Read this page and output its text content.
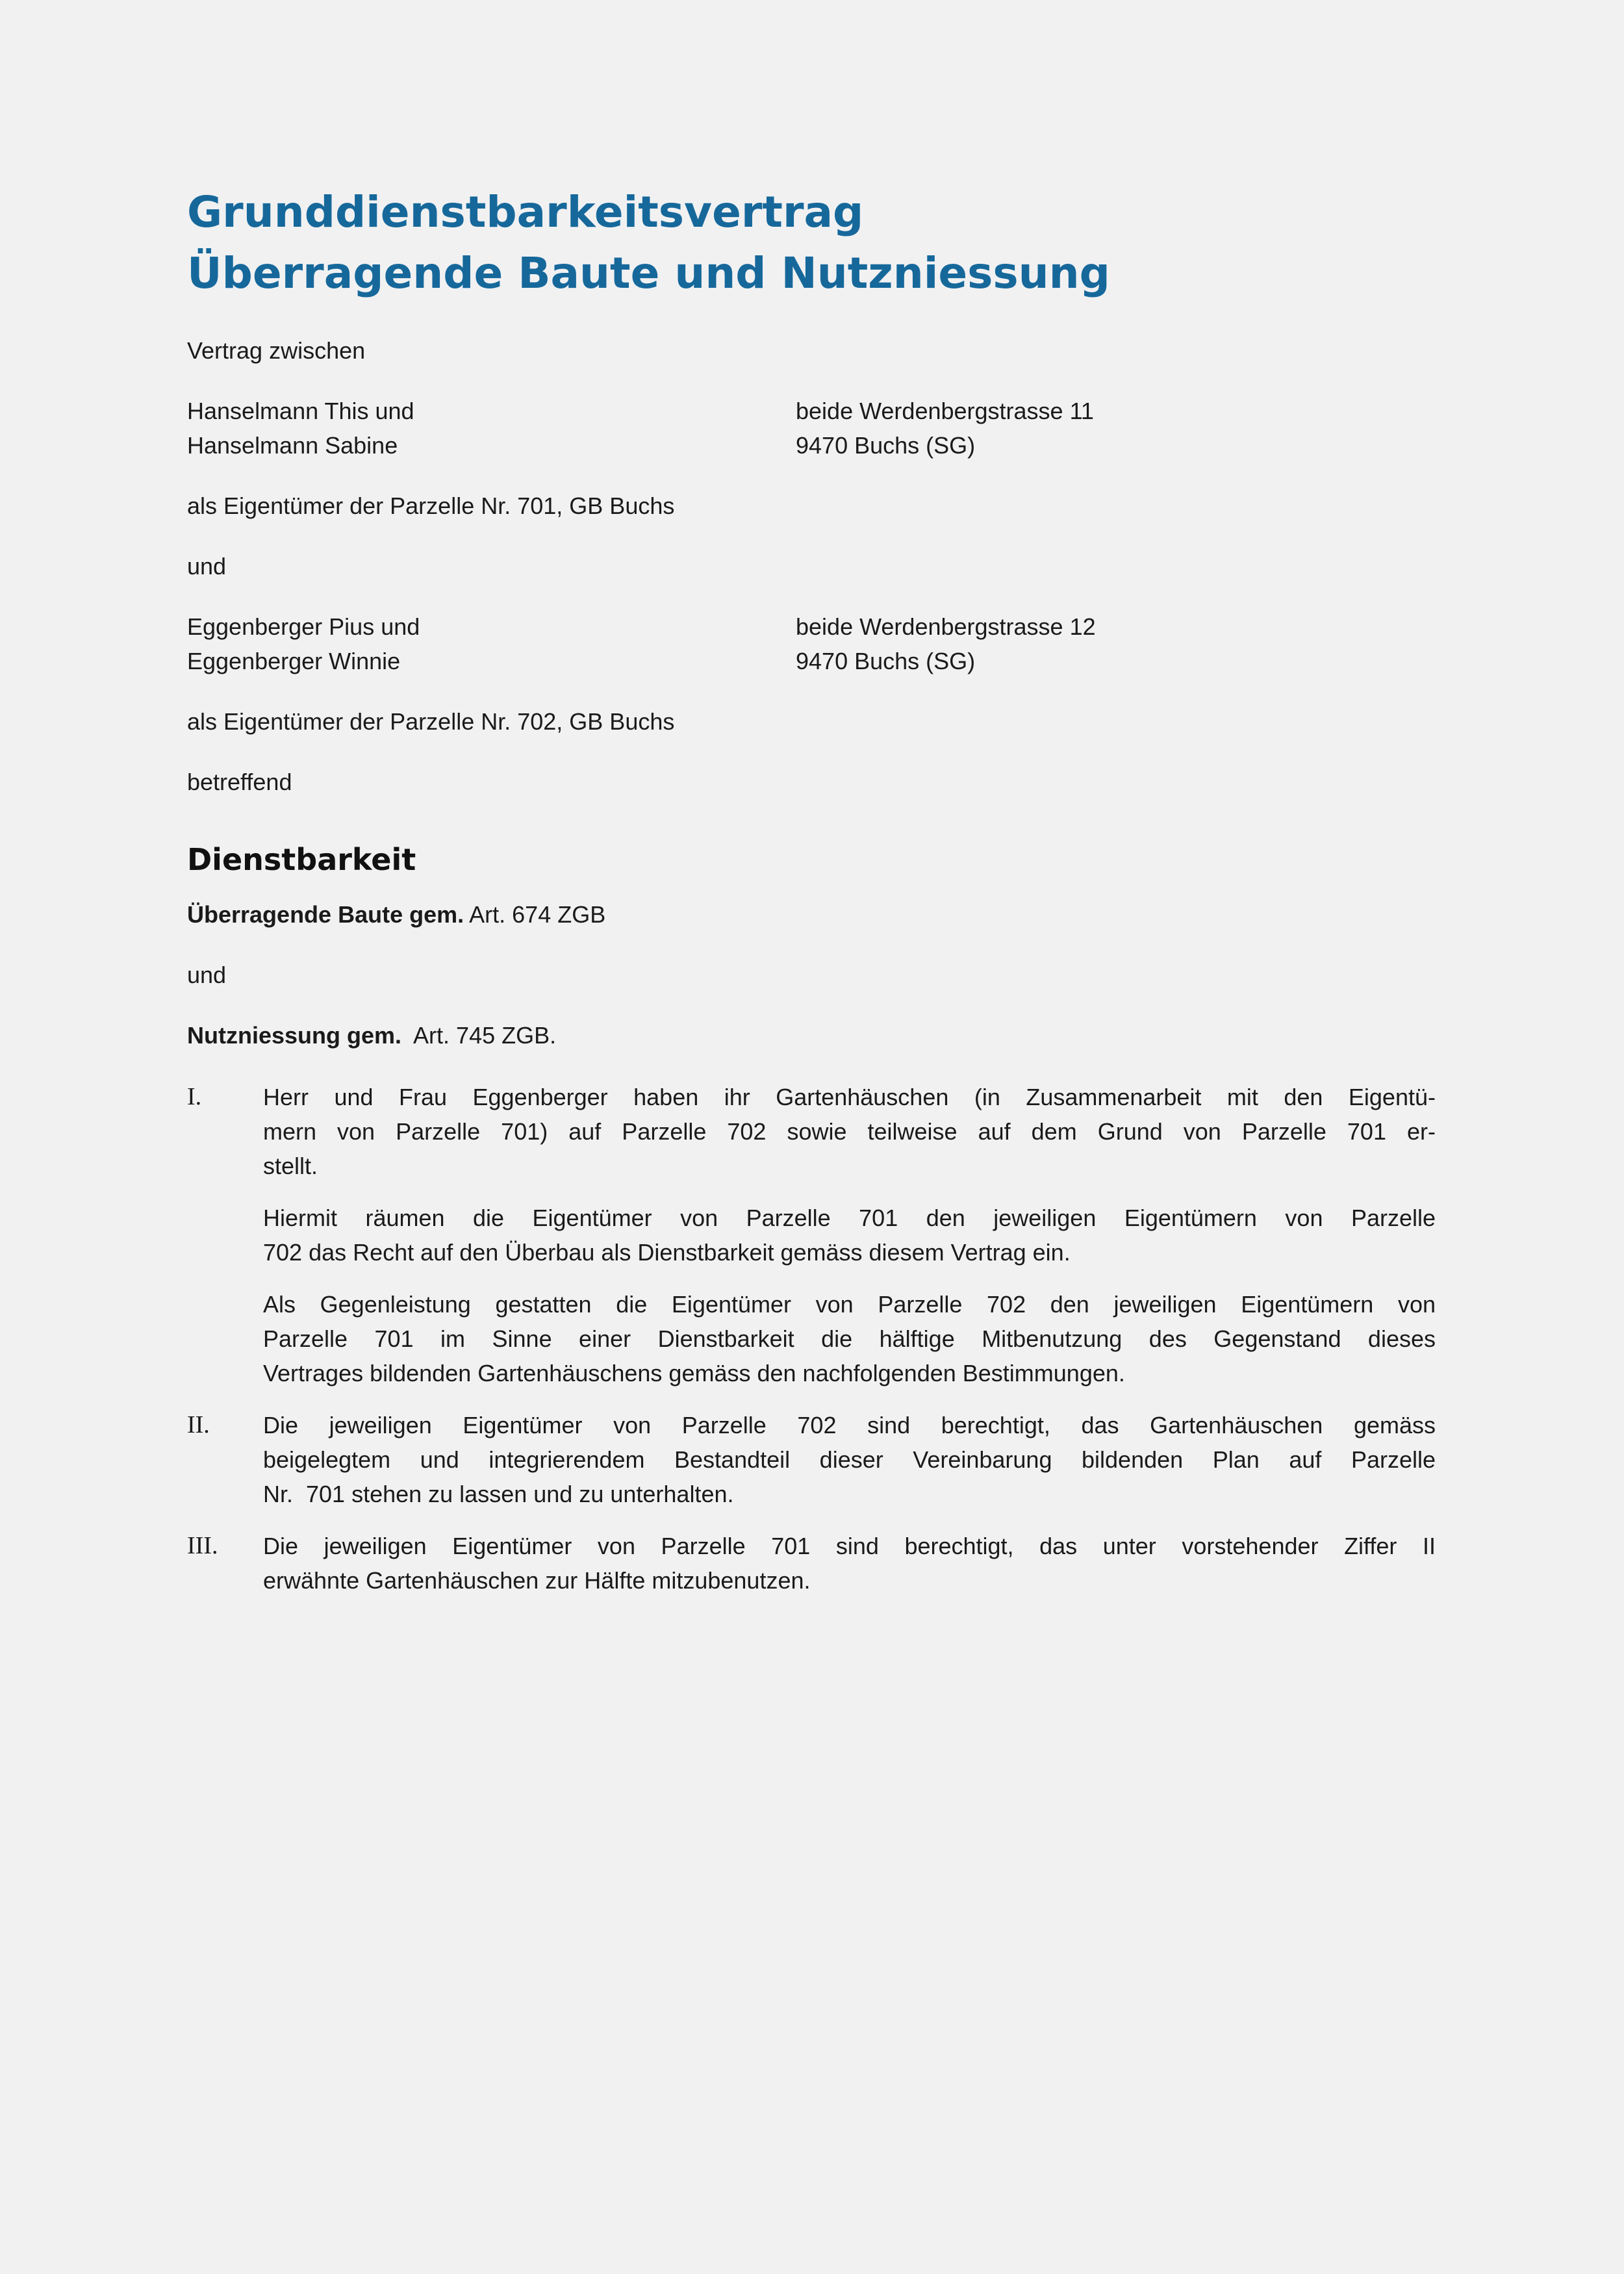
Grunddienstbarkeitsvertrag
Überragende Baute und Nutzniessung

Vertrag zwischen

Hanselmann This und
Hanselmann Sabine
beide Werdenbergstrasse 11
9470 Buchs (SG)

als Eigentümer der Parzelle Nr. 701, GB Buchs

und

Eggenberger Pius und
Eggenberger Winnie
beide Werdenbergstrasse 12
9470 Buchs (SG)

als Eigentümer der Parzelle Nr. 702, GB Buchs

betreffend

Dienstbarkeit

Überragende Baute gem. Art. 674 ZGB

und

Nutzniessung gem.  Art. 745 ZGB.

I.	Herr und Frau Eggenberger haben ihr Gartenhäuschen (in Zusammenarbeit mit den Eigentü-
mern von Parzelle 701) auf Parzelle 702 sowie teilweise auf dem Grund von Parzelle 701 er-
stellt.
Hiermit räumen die Eigentümer von Parzelle 701 den jeweiligen Eigentümern von Parzelle
702 das Recht auf den Überbau als Dienstbarkeit gemäss diesem Vertrag ein.
Als Gegenleistung gestatten die Eigentümer von Parzelle 702 den jeweiligen Eigentümern von
Parzelle 701 im Sinne einer Dienstbarkeit die hälftige Mitbenutzung des Gegenstand dieses
Vertrages bildenden Gartenhäuschens gemäss den nachfolgenden Bestimmungen.
II.	Die jeweiligen Eigentümer von Parzelle 702 sind berechtigt, das Gartenhäuschen gemäss
beigelegtem und integrierendem Bestandteil dieser Vereinbarung bildenden Plan auf Parzelle
Nr.  701 stehen zu lassen und zu unterhalten.
III.	Die jeweiligen Eigentümer von Parzelle 701 sind berechtigt, das unter vorstehender Ziffer II
erwähnte Gartenhäuschen zur Hälfte mitzubenutzen.
